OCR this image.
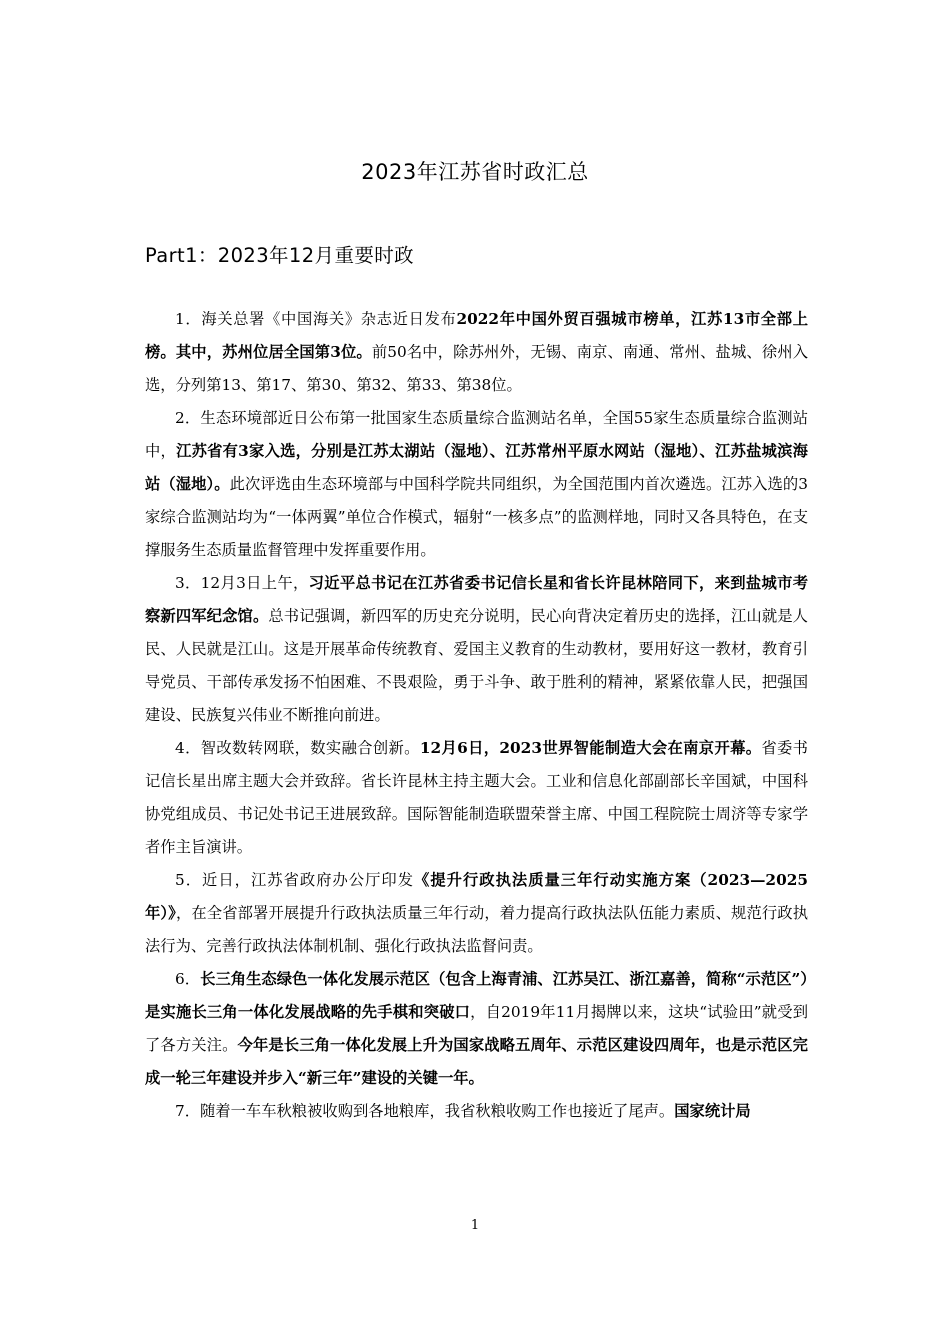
2023年江苏省时政汇总
Part1：2023年12月重要时政

1．海关总署《中国海关》杂志近日发布2022年中国外贸百强城市榜单，江苏13市全部上榜。其中，苏州位居全国第3位。前50名中，除苏州外，无锡、南京、南通、常州、盐城、徐州入选，分列第13、第17、第30、第32、第33、第38位。

2．生态环境部近日公布第一批国家生态质量综合监测站名单，全国55家生态质量综合监测站中，江苏省有3家入选，分别是江苏太湖站（湿地）、江苏常州平原水网站（湿地）、江苏盐城滨海站（湿地）。此次评选由生态环境部与中国科学院共同组织，为全国范围内首次遴选。江苏入选的3家综合监测站均为“一体两翼”单位合作模式，辐射“一核多点”的监测样地，同时又各具特色，在支撑服务生态质量监督管理中发挥重要作用。

3．12月3日上午，习近平总书记在江苏省委书记信长星和省长许昆林陪同下，来到盐城市考察新四军纪念馆。总书记强调，新四军的历史充分说明，民心向背决定着历史的选择，江山就是人民、人民就是江山。这是开展革命传统教育、爱国主义教育的生动教材，要用好这一教材，教育引导党员、干部传承发扬不怕困难、不畏艰险，勇于斗争、敢于胜利的精神，紧紧依靠人民，把强国建设、民族复兴伟业不断推向前进。

4．智改数转网联，数实融合创新。12月6日，2023世界智能制造大会在南京开幕。省委书记信长星出席主题大会并致辞。省长许昆林主持主题大会。工业和信息化部副部长辛国斌，中国科协党组成员、书记处书记王进展致辞。国际智能制造联盟荣誉主席、中国工程院院士周济等专家学者作主旨演讲。

5．近日，江苏省政府办公厅印发《提升行政执法质量三年行动实施方案（2023—2025年）》，在全省部署开展提升行政执法质量三年行动，着力提高行政执法队伍能力素质、规范行政执法行为、完善行政执法体制机制、强化行政执法监督问责。

6．长三角生态绿色一体化发展示范区（包含上海青浦、江苏吴江、浙江嘉善，简称“示范区”）是实施长三角一体化发展战略的先手棋和突破口，自2019年11月揭牌以来，这块“试验田”就受到了各方关注。今年是长三角一体化发展上升为国家战略五周年、示范区建设四周年，也是示范区完成一轮三年建设并步入“新三年”建设的关键一年。

7．随着一车车秋粮被收购到各地粮库，我省秋粮收购工作也接近了尾声。国家统计局

1
